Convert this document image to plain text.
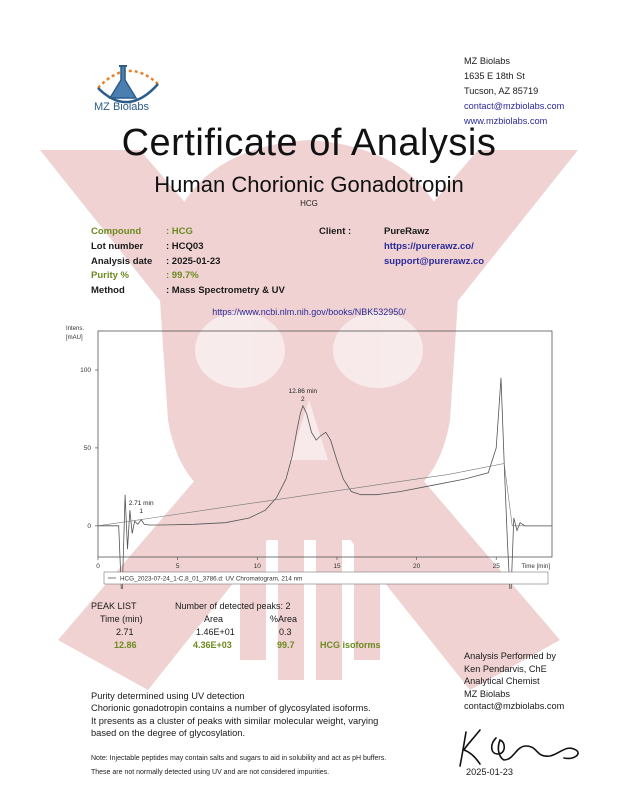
MZ Biolabs
MZ Biolabs
1635 E 18th St
Tucson, AZ 85719
contact@mzbiolabs.com
www.mzbiolabs.com
Certificate of Analysis
Human Chorionic Gonadotropin
HCG
Compound	: HCG
Lot number : HCQ03
Analysis date : 2025-01-23
Purity %	: 99.7%
Method	: Mass Spectrometry & UV
Client :	PureRawz
https://purerawz.co/
support@purerawz.co
https://www.ncbi.nlm.nih.gov/books/NBK532950/
Intens.
[mAU]
0
50
100
0	5	10	15	20	25	Time [min]
2.71 min
1
12.86 min
2
HCG_2023-07-24_1-C,8_01_3786.d: UV Chromatogram, 214 nm
PEAK LIST	Number of detected peaks: 2
Time (min)	Area	%Area
2.71	1.46E+01	0.3
12.86	4.36E+03	99.7	HCG isoforms
Analysis Performed by
Ken Pendarvis, ChE
Analytical Chemist
MZ Biolabs
contact@mzbiolabs.com
Purity determined using UV detection
Chorionic gonadotropin contains a number of glycosylated isoforms.
It presents as a cluster of peaks with similar molecular weight, varying
based on the degree of glycosylation.
Note: Injectable peptides may contain salts and sugars to aid in solubility and act as pH buffers.
These are not normally detected using UV and are not considered impurities.	2025-01-23
